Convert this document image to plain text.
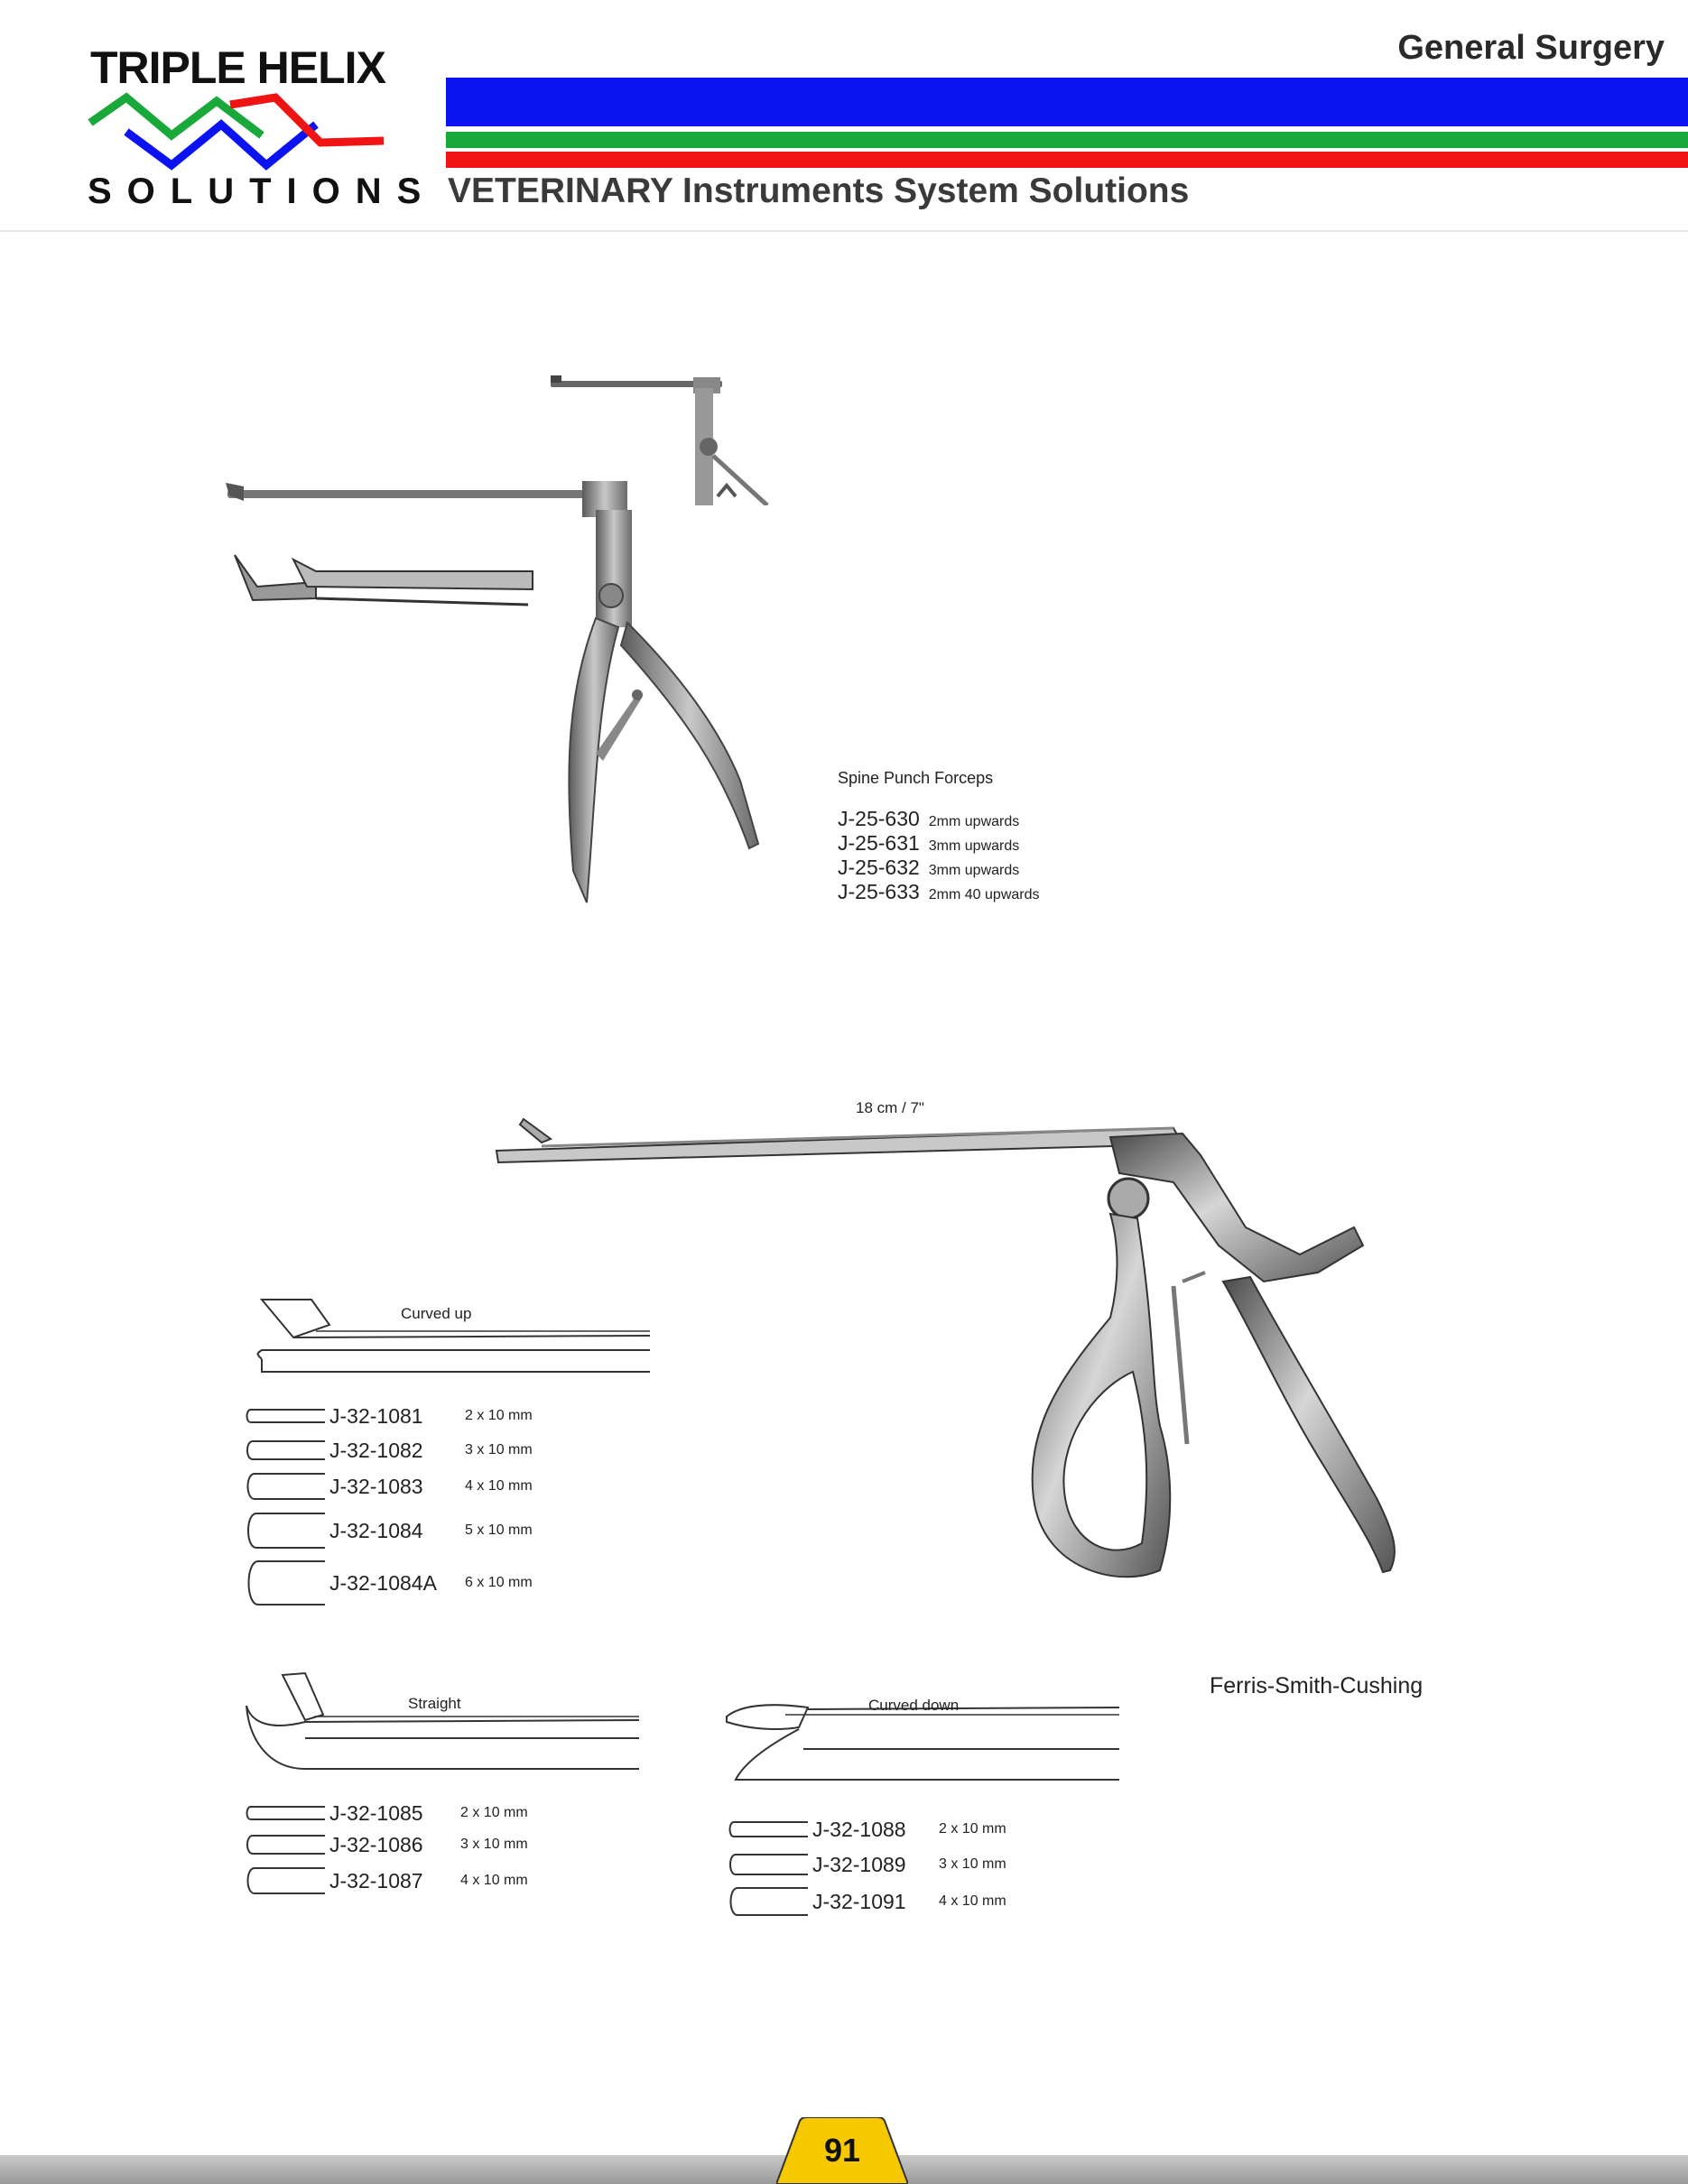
TRIPLE HELIX
SOLUTIONS
General Surgery
VETERINARY Instruments System Solutions
Spine Punch Forceps
J-25-630 2mm upwards
J-25-631 3mm upwards
J-25-632 3mm upwards
J-25-633 2mm 40 upwards
18 cm / 7"
Ferris-Smith-Cushing
Curved up
J-32-1081	2 x 10 mm
J-32-1082	3 x 10 mm
J-32-1083	4 x 10 mm
J-32-1084	5 x 10 mm
J-32-1084A	6 x 10 mm
Straight
J-32-1085	2 x 10 mm
J-32-1086	3 x 10 mm
J-32-1087	4 x 10 mm
Curved down
J-32-1088	2 x 10 mm
J-32-1089	3 x 10 mm
J-32-1091	4 x 10 mm
91
